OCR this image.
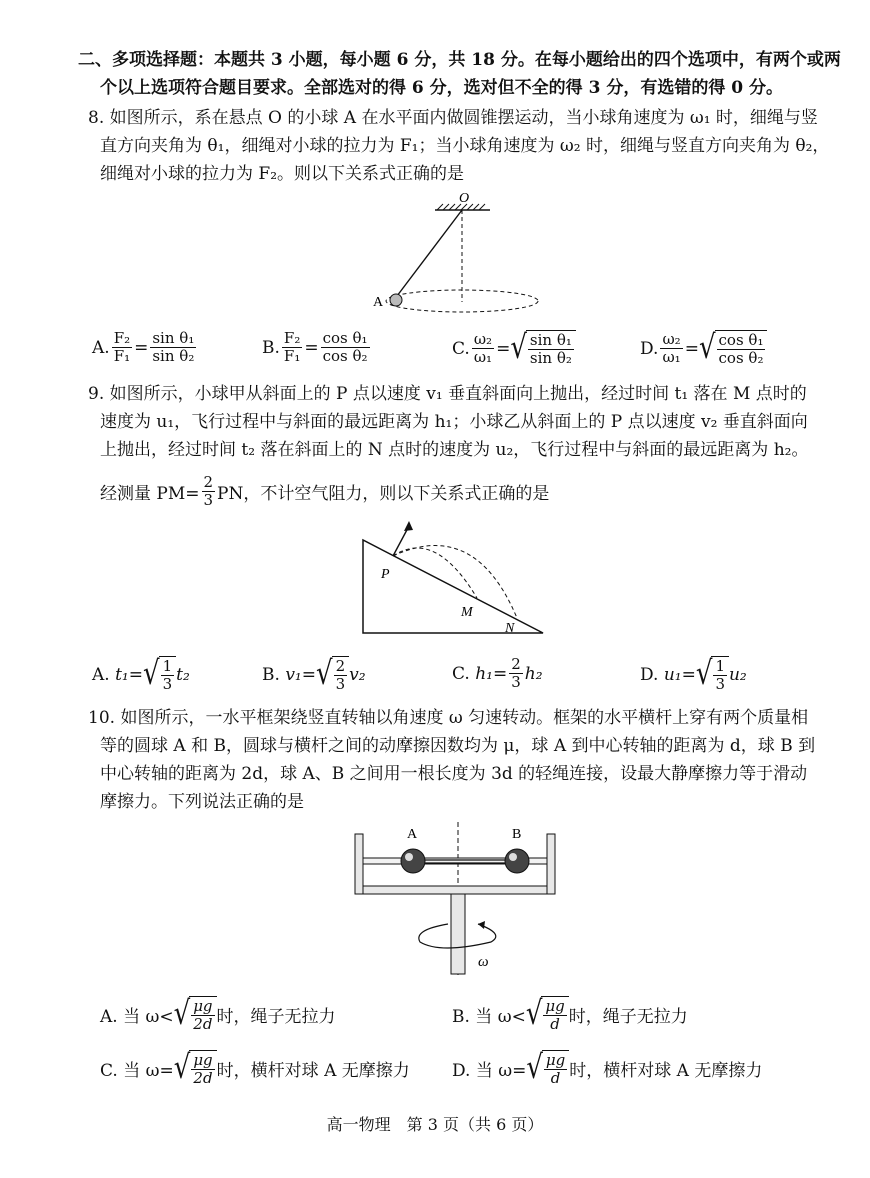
二、多项选择题：本题共 3 小题，每小题 6 分，共 18 分。在每小题给出的四个选项中，有两个或两
个以上选项符合题目要求。全部选对的得 6 分，选对但不全的得 3 分，有选错的得 0 分。
8. 如图所示，系在悬点 O 的小球 A 在水平面内做圆锥摆运动，当小球角速度为 ω₁ 时，细绳与竖
直方向夹角为 θ₁，细绳对小球的拉力为 F₁；当小球角速度为 ω₂ 时，细绳与竖直方向夹角为 θ₂，
细绳对小球的拉力为 F₂。则以下关系式正确的是
O
A
A. $\frac{\text{F₂}}{\text{F₁}} = \frac{\text{sin θ₁}}{\text{sin θ₂}}$	B. $\frac{\text{F₂}}{\text{F₁}} = \frac{\text{cos θ₁}}{\text{cos θ₂}}$	C. $\frac{\text{ω₂}}{\text{ω₁}}$ = √ $\frac{\text{sin θ₁}}{\text{sin θ₂}}$	D. $\frac{\text{ω₂}}{\text{ω₁}}$ = √ $\frac{\text{cos θ₁}}{\text{cos θ₂}}$
9. 如图所示，小球甲从斜面上的 P 点以速度 v₁ 垂直斜面向上抛出，经过时间 t₁ 落在 M 点时的
速度为 u₁，飞行过程中与斜面的最远距离为 h₁；小球乙从斜面上的 P 点以速度 v₂ 垂直斜面向
上抛出，经过时间 t₂ 落在斜面上的 N 点时的速度为 u₂，飞行过程中与斜面的最远距离为 h₂。
经测量 $PM= \frac{2}{3}$ PN，不计空气阻力，则以下关系式正确的是
P
M
N
A.
t₁= √ $\frac{1}{3} t_2$	B.
v₁= √ $\frac{2}{3} v_2$	C.
$h_1= \frac{2}{3} h_2$	D.
u₁= √ $\frac{1}{3} u_2$
10. 如图所示，一水平框架绕竖直转轴以角速度 ω 匀速转动。框架的水平横杆上穿有两个质量相
等的圆球 A 和 B，圆球与横杆之间的动摩擦因数均为 μ，球 A 到中心转轴的距离为 d，球 B 到
中心转轴的距离为 2d，球 A、B 之间用一根长度为 3d 的轻绳连接，设最大静摩擦力等于滑动
摩擦力。下列说法正确的是
A	B
ω
A. 当 ω< √ $\frac{\mu g}{2d}$ 时，绳子无拉力	B. 当 ω< √ $\frac{\mu g}{d}$ 时，绳子无拉力
C. 当 ω= √ $\frac{\mu g}{2d}$ 时，横杆对球 A 无摩擦力 D. 当 ω= √ $\frac{\mu g}{d}$ 时，横杆对球 A 无摩擦力
高一物理　第 3 页（共 6 页）
